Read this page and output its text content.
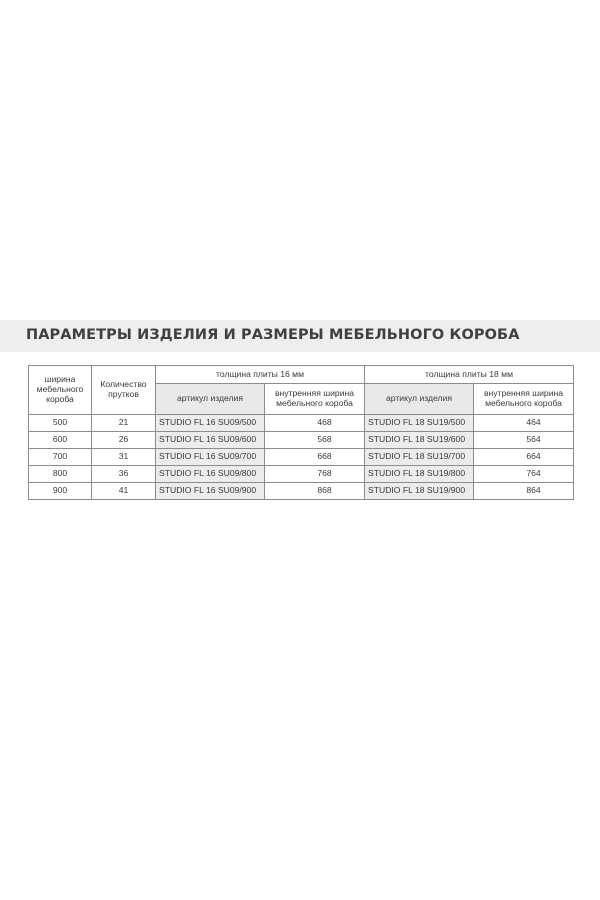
ПАРАМЕТРЫ ИЗДЕЛИЯ И РАЗМЕРЫ МЕБЕЛЬНОГО КОРОБА
ширина мебельного короба	Количество прутков	толщина плиты 16 мм		толщина плиты 18 мм	
		артикул изделия	внутренняя ширина мебельного короба	артикул изделия	внутренняя ширина мебельного короба
500	21	STUDIO FL 16 SU09/500	468	STUDIO FL 18 SU19/500	464
600	26	STUDIO FL 16 SU09/600	568	STUDIO FL 18 SU19/600	564
700	31	STUDIO FL 16 SU09/700	668	STUDIO FL 18 SU19/700	664
800	36	STUDIO FL 16 SU09/800	768	STUDIO FL 18 SU19/800	764
900	41	STUDIO FL 16 SU09/900	868	STUDIO FL 18 SU19/900	864
